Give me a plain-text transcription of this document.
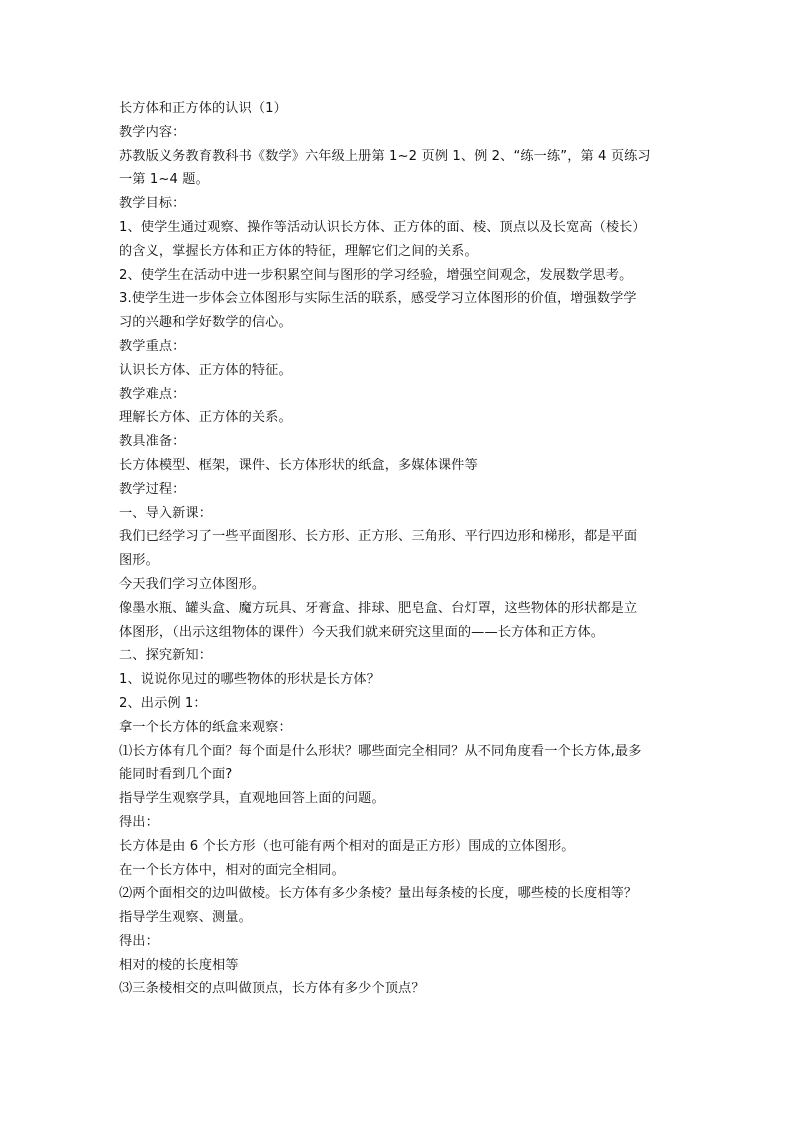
长方体和正方体的认识（1）
教学内容：
苏教版义务教育教科书《数学》六年级上册第 1~2 页例 1、例 2、“练一练”，第 4 页练习
一第 1~4 题。
教学目标：
1、使学生通过观察、操作等活动认识长方体、正方体的面、棱、顶点以及长宽高（棱长）
的含义，掌握长方体和正方体的特征，理解它们之间的关系。
2、使学生在活动中进一步积累空间与图形的学习经验，增强空间观念，发展数学思考。
3.使学生进一步体会立体图形与实际生活的联系，感受学习立体图形的价值，增强数学学
习的兴趣和学好数学的信心。
教学重点：
认识长方体、正方体的特征。
教学难点：
理解长方体、正方体的关系。
教具准备：
长方体模型、框架，课件、长方体形状的纸盒，多媒体课件等
教学过程：
一、导入新课：
我们已经学习了一些平面图形、长方形、正方形、三角形、平行四边形和梯形，都是平面
图形。
今天我们学习立体图形。
像墨水瓶、罐头盒、魔方玩具、牙膏盒、排球、肥皂盒、台灯罩，这些物体的形状都是立
体图形，（出示这组物体的课件）今天我们就来研究这里面的——长方体和正方体。
二、探究新知：
1、说说你见过的哪些物体的形状是长方体？
2、出示例 1：
拿一个长方体的纸盒来观察：
⑴长方体有几个面？每个面是什么形状？哪些面完全相同？从不同角度看一个长方体,最多
能同时看到几个面?
指导学生观察学具，直观地回答上面的问题。
得出：
长方体是由 6 个长方形（也可能有两个相对的面是正方形）围成的立体图形。
在一个长方体中，相对的面完全相同。
⑵两个面相交的边叫做棱。长方体有多少条棱？量出每条棱的长度，哪些棱的长度相等？
指导学生观察、测量。
得出：
相对的棱的长度相等
⑶三条棱相交的点叫做顶点，长方体有多少个顶点？
